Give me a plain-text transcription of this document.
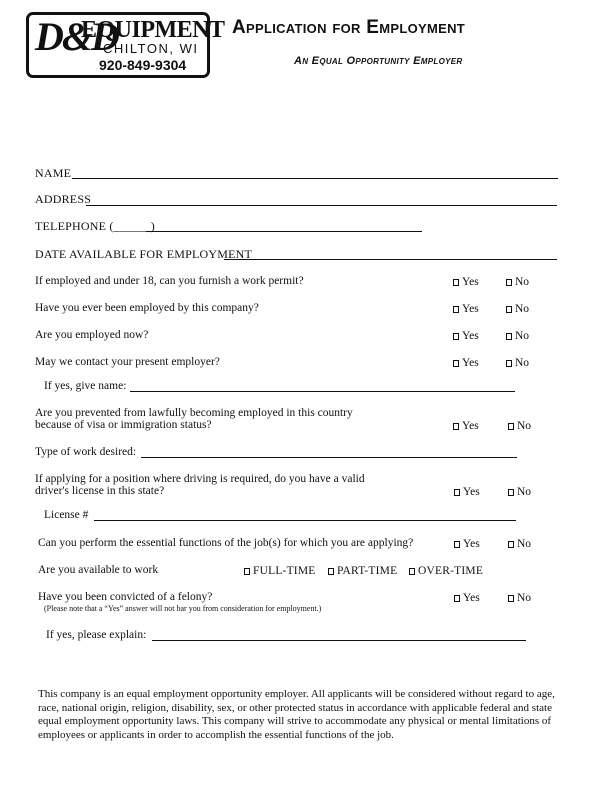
D&D
EQUIPMENT
CHILTON, WI
920-849-9304
Application for Employment
An Equal Opportunity Employer
NAME
ADDRESS
TELEPHONE (______)
DATE AVAILABLE FOR EMPLOYMENT
If employed and under 18, can you furnish a work permit?	Yes	No
Have you ever been employed by this company?	Yes	No
Are you employed now?	Yes	No
May we contact your present employer?	Yes	No
If yes, give name:
Are you prevented from lawfully becoming employed in this country
because of visa or immigration status?	Yes	No
Type of work desired:
If applying for a position where driving is required, do you have a valid
driver's license in this state?	Yes	No
License #
Can you perform the essential functions of the job(s) for which you are applying?	Yes	No
Are you available to work	FULL-TIME PART-TIME OVER-TIME
Have you been convicted of a felony?
(Please note that a “Yes” answer will not bar you from consideration for employment.)
Yes	No
If yes, please explain:
This company is an equal employment opportunity employer. All applicants will be considered without regard to age, race, national origin, religion, disability, sex, or other protected status in accordance with applicable federal and state equal employment opportunity laws. This company will strive to accommodate any physical or mental limitations of employees or applicants in order to accomplish the essential functions of the job.
